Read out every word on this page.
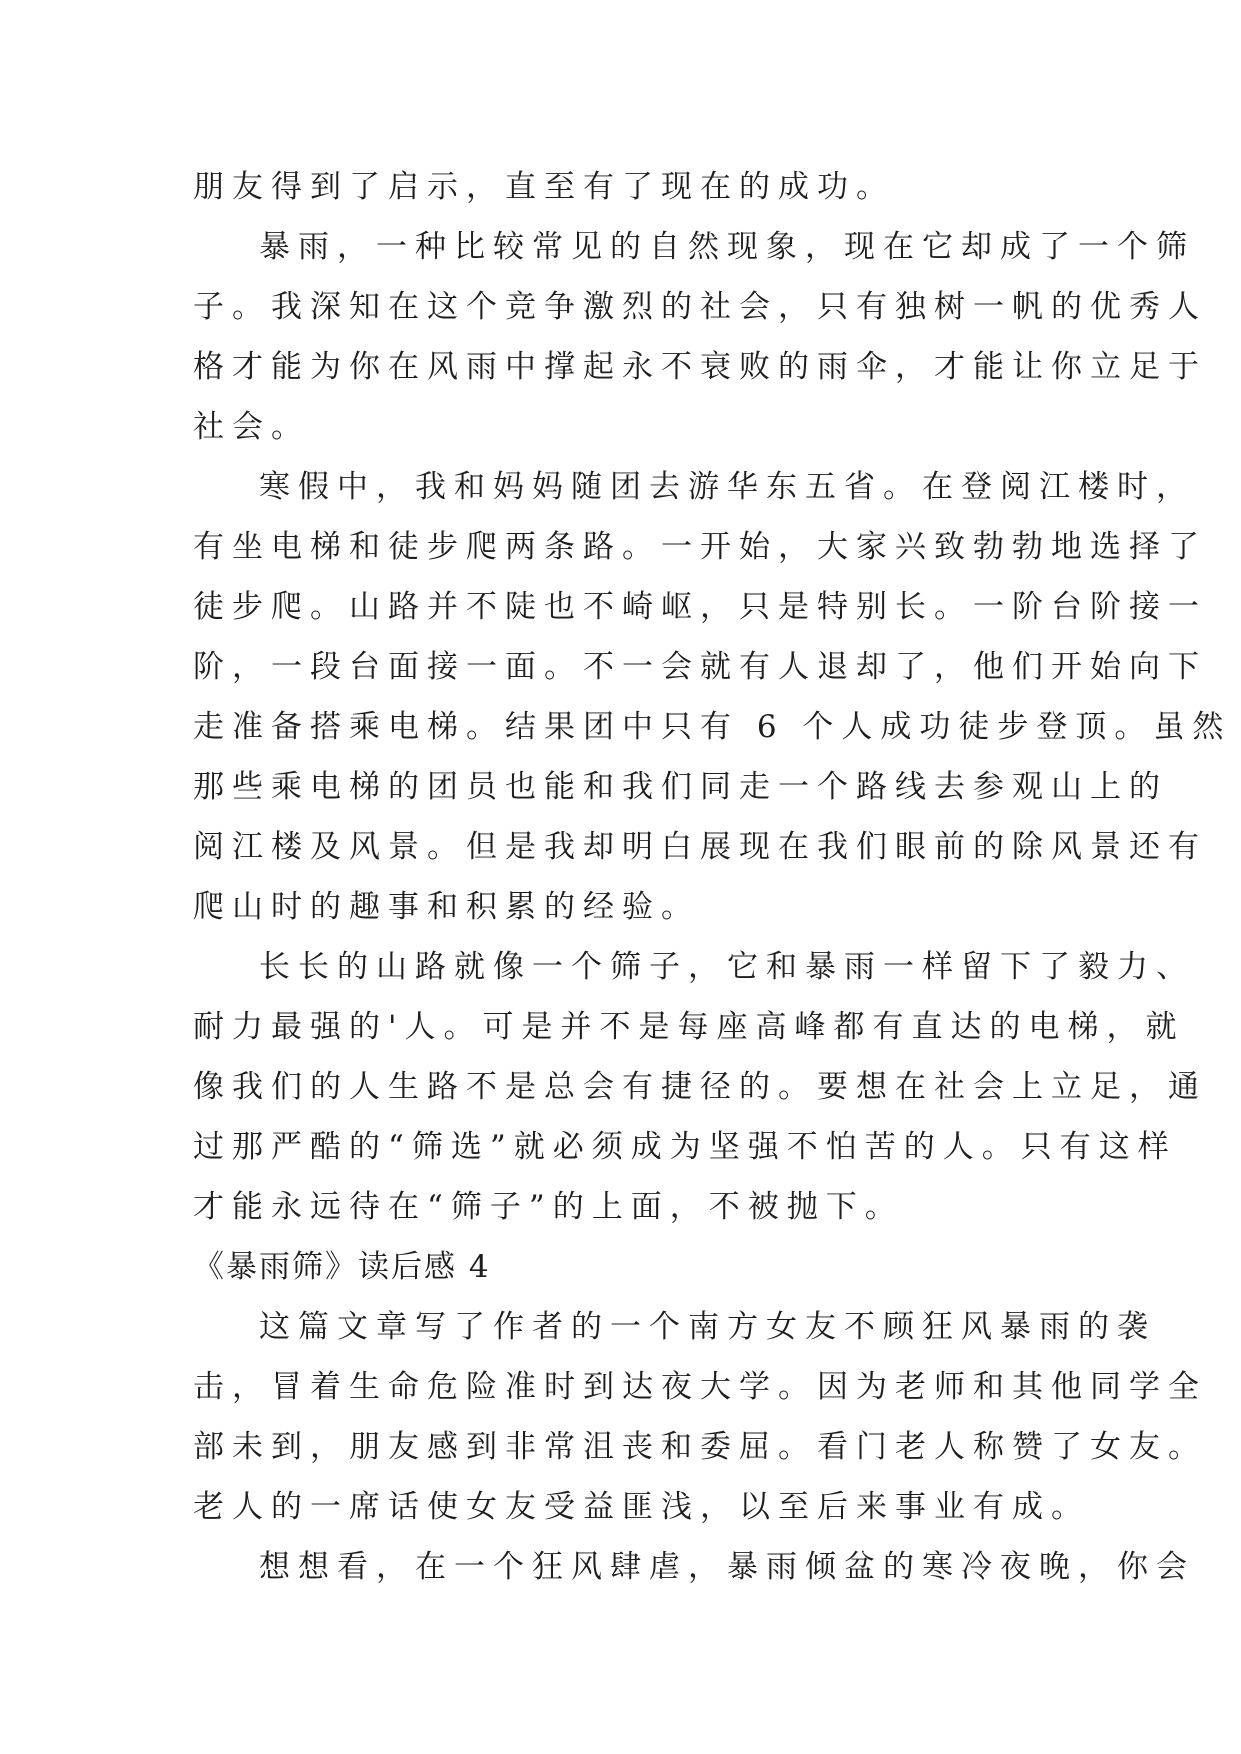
朋友得到了启示，直至有了现在的成功。
暴雨，一种比较常见的自然现象，现在它却成了一个筛
子。我深知在这个竞争激烈的社会，只有独树一帆的优秀人
格才能为你在风雨中撑起永不衰败的雨伞，才能让你立足于
社会。
寒假中，我和妈妈随团去游华东五省。在登阅江楼时，
有坐电梯和徒步爬两条路。一开始，大家兴致勃勃地选择了
徒步爬。山路并不陡也不崎岖，只是特别长。一阶台阶接一
阶，一段台面接一面。不一会就有人退却了，他们开始向下
走准备搭乘电梯。结果团中只有 6 个人成功徒步登顶。虽然
那些乘电梯的团员也能和我们同走一个路线去参观山上的
阅江楼及风景。但是我却明白展现在我们眼前的除风景还有
爬山时的趣事和积累的经验。
长长的山路就像一个筛子，它和暴雨一样留下了毅力、
耐力最强的'人。可是并不是每座高峰都有直达的电梯，就
像我们的人生路不是总会有捷径的。要想在社会上立足，通
过那严酷的“筛选”就必须成为坚强不怕苦的人。只有这样
才能永远待在“筛子”的上面，不被抛下。
《暴雨筛》读后感 4
这篇文章写了作者的一个南方女友不顾狂风暴雨的袭
击，冒着生命危险准时到达夜大学。因为老师和其他同学全
部未到，朋友感到非常沮丧和委屈。看门老人称赞了女友。
老人的一席话使女友受益匪浅，以至后来事业有成。
想想看，在一个狂风肆虐，暴雨倾盆的寒冷夜晚，你会
